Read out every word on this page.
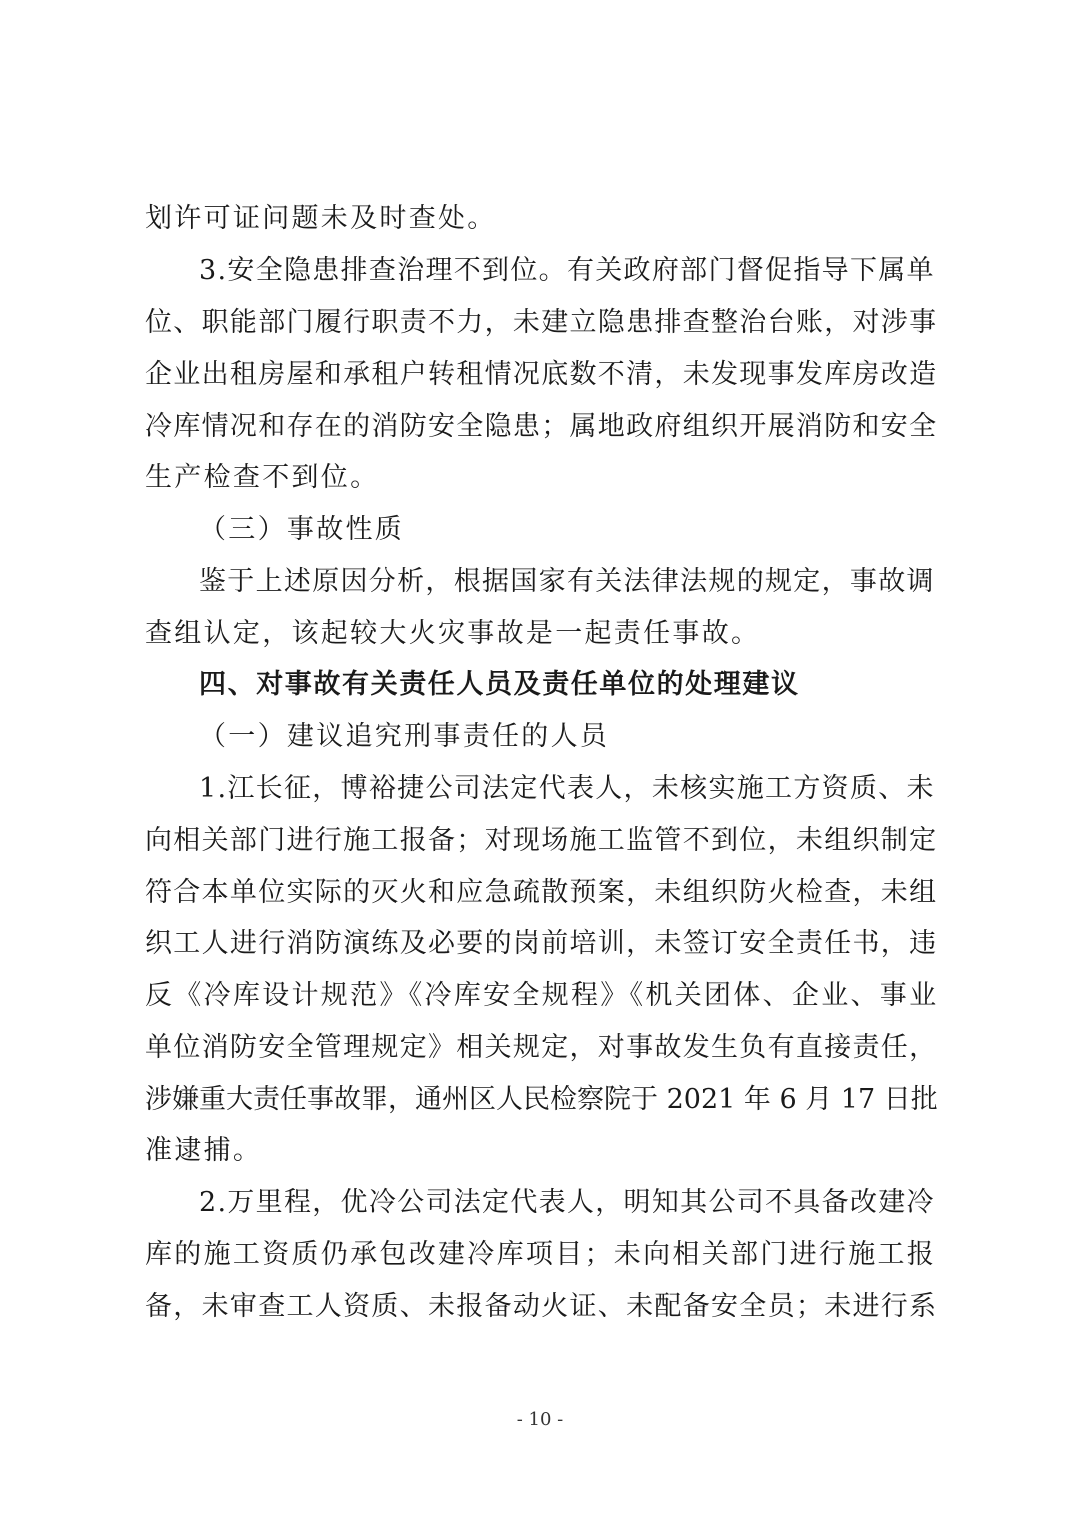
划许可证问题未及时查处。
3.安全隐患排查治理不到位。有关政府部门督促指导下属单
位、职能部门履行职责不力，未建立隐患排查整治台账，对涉事
企业出租房屋和承租户转租情况底数不清，未发现事发库房改造
冷库情况和存在的消防安全隐患；属地政府组织开展消防和安全
生产检查不到位。
（三）事故性质
鉴于上述原因分析，根据国家有关法律法规的规定，事故调
查组认定，该起较大火灾事故是一起责任事故。
四、对事故有关责任人员及责任单位的处理建议
（一）建议追究刑事责任的人员
1.江长征，博裕捷公司法定代表人，未核实施工方资质、未
向相关部门进行施工报备；对现场施工监管不到位，未组织制定
符合本单位实际的灭火和应急疏散预案，未组织防火检查，未组
织工人进行消防演练及必要的岗前培训，未签订安全责任书，违
反《冷库设计规范》《冷库安全规程》《机关团体、企业、事业
单位消防安全管理规定》相关规定，对事故发生负有直接责任，
涉嫌重大责任事故罪，通州区人民检察院于 2021 年 6 月 17 日批
准逮捕。
2.万里程，优冷公司法定代表人，明知其公司不具备改建冷
库的施工资质仍承包改建冷库项目；未向相关部门进行施工报
备，未审查工人资质、未报备动火证、未配备安全员；未进行系
- 10 -
